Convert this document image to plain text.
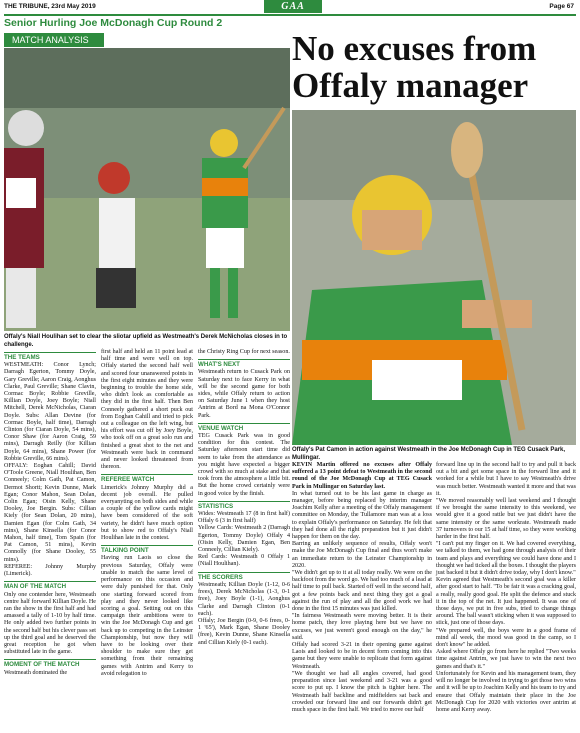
THE TRIBUNE, 23rd May 2019	GAA	Page 67
Senior Hurling Joe McDonagh Cup Round 2
MATCH ANALYSIS	No excuses from Offaly manager
Offaly's Niall Houlihan set to clear the sliotar upfield as Westmeath's Derek McNicholas closes in to challenge.
Offaly's Pat Camon in action against Westmeath in the Joe McDonagh Cup in TEG Cusack Park, Mullingar.
THE TEAMS

WESTMEATH: Conor Lynch; Darragh Egerton, Tommy Doyle, Gary Greville; Aaron Craig, Aonghus Clarke, Paul Greville; Shane Clavin, Cormac Boyle; Robbie Greville, Killian Doyle, Joey Boyle; Niall Mitchell, Derek McNicholas, Ciaran Doyle. Subs: Allan Devine (for Cormac Boyle, half time), Darragh Clinton (for Ciaran Doyle, 54 mins), Conor Shaw (for Aaron Craig, 59 mins), Darragh Reilly (for Killian Doyle, 64 mins), Shane Power (for Robbie Greville, 66 mins).

OFFALY: Eoghan Cahill; David O'Toole Greene, Niall Houlihan, Ben Conneely; Colm Gath, Pat Camon, Dermot Shortt; Kevin Dunne, Mark Egan; Conor Mahon, Sean Dolan, Colin Egan; Oisin Kelly, Shane Dooley, Joe Bergin. Subs: Cillian Kiely (for Sean Dolan, 20 mins), Damien Egan (for Colm Gath, 34 mins), Shane Kinsella (for Conor Mahon, half time), Tom Spain (for Pat Camon, 51 mins), Kevin Connolly (for Shane Dooley, 55 mins).

REFEREE: Johnny Murphy (Limerick).

MAN OF THE MATCH

Only one contender here, Westmeath centre half forward Killian Doyle. He ran the show in the first half and had amassed a tally of 1-10 by half time. He only added two further points in the second half but his clever pass set up the third goal and he deserved the great reception he got when substituted late in the game.

MOMENT OF THE MATCH

Westmeath dominated the

first half and held an 11 point lead at half time and were well on top. Offaly started the second half well and scored four unanswered points in the first eight minutes and they were beginning to trouble the home side, who didn't look as comfortable as they did in the first half. Then Ben Conneely gathered a short puck out from Eoghan Cahill and tried to pick out a colleague on the left wing, but his effort was cut off by Joey Boyle, who took off on a great solo run and finished a great shot to the net and Westmeath were back in command and never looked threatened from thereon.

REFEREE WATCH

Limerick's Johnny Murphy did a decent job overall. He pulled everyanyting on both sides and while a couple of the yellow cards might have been considered of the soft variety, he didn't have much option but to show red to Offaly's Niall Houlihan late in the contest.

TALKING POINT

Having run Laois so close the previous Saturday, Offaly were unable to match the same level of performance on this occasion and were duly punished for that. Only one starting forward scored from play and they never looked like scoring a goal. Setting out on this campaign their ambitions were to win the Joe McDonagh Cup and get back up to competing in the Leinster Championship, but now they will have to be looking over their shoulder to make sure they get something from their remaining games with Antrim and Kerry to avoid relegation to

the Christy Ring Cup for next season.

WHAT'S NEXT

Westmeath return to Cusack Park on Saturday next to face Kerry in what will be the second game for both sides, while Offaly return to action on Saturday June 1 when they host Antrim at Bord na Mona O'Connor Park.

VENUE WATCH

TEG Cusack Park was in good condition for this contest. The Saturday afternoon start time did seem to take from the attendance as you might have expected a bigger crowd with so much at stake and that took from the atmosphere a little bit. But the home crowd certainly were in good voice by the finish.

STATISTICS

Wides: Westmeath 17 (8 in first half) Offaly 6 (3 in first half)

Yellow Cards: Westmeath 2 (Darragh Egerton, Tommy Doyle) Offaly 4 (Oisin Kelly, Damien Egan, Ben Conneely, Cillian Kiely).

Red Cards: Westmeath 0 Offaly 1 (Niall Houlihan).

THE SCORERS

Westmeath; Killian Doyle (1-12, 0-6 frees), Derek McNicholas (1-3, 0-1 free), Joey Boyle (1-1), Aonghus Clarke and Darragh Clinton (0-1 each).

Offaly; Joe Bergin (0-9, 0-6 frees, 0-1 '65'), Mark Egan, Shane Dooley (free), Kevin Dunne, Shane Kinsella and Cillian Kiely (0-1 each).

KEVIN Martin offered no excuses after Offaly suffered a 13 point defeat to Westmeath in the second round of the Joe McDonagh Cup at TEG Cusack Park in Mullingar on Saturday last.

In what turned out to be his last game in charge as manager, before being replaced by interim manager Joachim Kelly after a meeting of the Offaly management committee on Monday, the Tullamore man was at a loss to explain Offaly's performance on Saturday. He felt that they had done all the right preparation but it just didn't happen for them on the day.

Barring an unlikely sequence of results, Offaly won't make the Joe McDonagh Cup final and thus won't make an immediate return to the Leinster Championship in 2020.

"We didn't get up to it at all today really. We were on the backfoot from the word go. We had too much of a lead at half time to pull back. Started off well in the second half, got a few points back and next thing they got a goal against the run of play and all the good work we had done in the first 15 minutes was just killed.

"In fairness Westmeath were moving better. It is their home patch, they love playing here but we have no excuses, we just weren't good enough on the day," he said.

Offaly had scored 3-21 in their opening game against Laois and looked to be in decent form coming into this game but they were unable to replicate that form against Westmeath.

"We thought we had all angles covered, had good preparation since last weekend and 3-21 was a good score to put up. I know the pitch is tighter here. The Westmeath half backline and midfielders sat back and crowded our forward line and our forwards didn't get much space in the first half. We tried to move our half

forward line up in the second half to try and pull it back out a bit and get some space in the forward line and it worked for a while but I have to say Westmeath's drive was much better. Westmeath wanted it more and that was it.

"We moved reasonably well last weekend and I thought if we brought the same intensity to this weekend, we would give it a good rattle but we just didn't have the same intensity or the same workrate. Westmeath made 37 turnovers to our 15 at half time, so they were working harder in the first half.

"I can't put my finger on it. We had covered everything, we talked to them, we had gone through analysis of their team and plays and everything we could have done and I thought we had ticked all the boxes. I thought the players just backed it but it didn't drive today, why I don't know."

Kevin agreed that Westmeath's second goal was a killer after good start to half. "To be fair it was a cracking goal, a really, really good goal. He split the defence and stuck it in the top of the net. It just happened. It was one of those days, we put in five subs, tried to change things around. The ball wasn't sticking when it was supposed to stick, just one of those days.

"We prepared well, the boys were in a good frame of mind all week, the mood was good in the camp, so I don't know" he added.

Asked where Offaly go from here he replied "Two weeks time against Antrim, we just have to win the next two games and that's it."

Unfortunately for Kevin and his management team, they will no longer be involved in trying to get those two wins and it will be up to Joachim Kelly and his team to try and ensure that Offaly maintain their place in the Joe McDonagh Cup for 2020 with victories over antrim at home and Kerry away.
